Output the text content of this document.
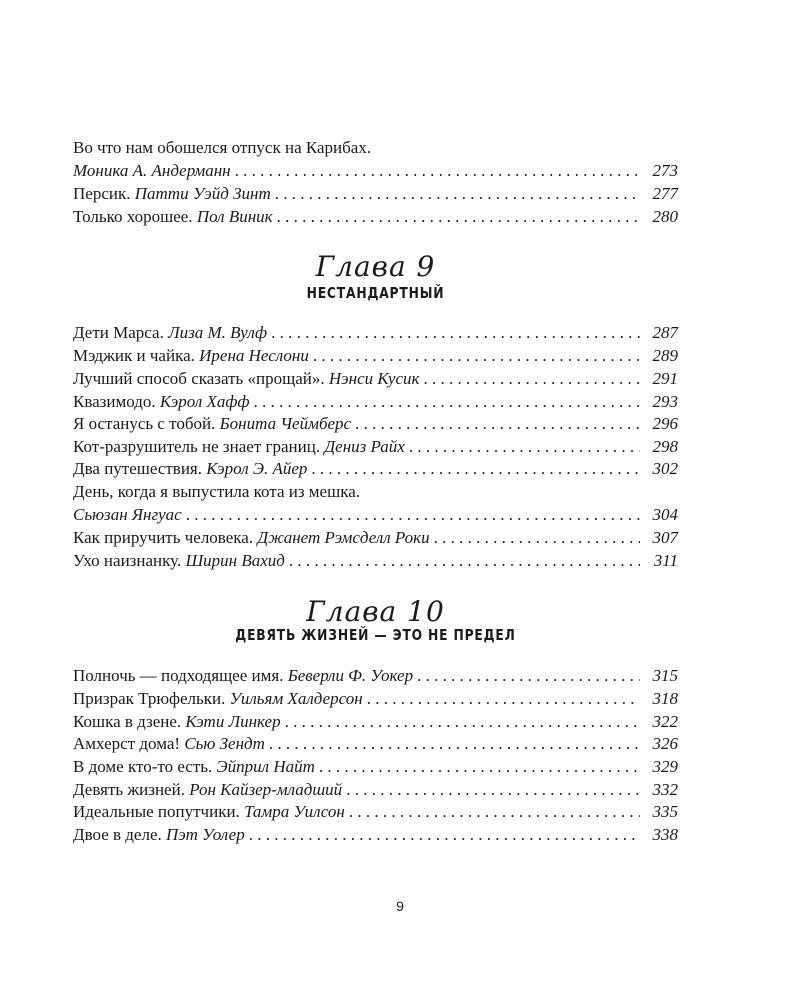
Во что нам обошелся отпуск на Карибах.
Моника А. Андерманн . . .	273
Персик. Патти Уэйд Зинт . . .	277
Только хорошее. Пол Виник . . .	280
Глава 9
НЕСТАНДАРТНЫЙ
Дети Марса. Лиза М. Вулф . . .	287
Мэджик и чайка. Ирена Неслони . . .	289
Лучший способ сказать «прощай». Нэнси Кусик . . .	291
Квазимодо. Кэрол Хафф . . .	293
Я останусь с тобой. Бонита Чеймберс . . .	296
Кот-разрушитель не знает границ. Дениз Райх . . .	298
Два путешествия. Кэрол Э. Айер . . .	302
День, когда я выпустила кота из мешка.
Сьюзан Янгуас . . .	304
Как приручить человека. Джанет Рэмсделл Роки . . .	307
Ухо наизнанку. Ширин Вахид . . .	311
Глава 10
ДЕВЯТЬ ЖИЗНЕЙ — ЭТО НЕ ПРЕДЕЛ
Полночь — подходящее имя. Беверли Ф. Уокер . . .	315
Призрак Трюфельки. Уильям Халдерсон . . .	318
Кошка в дзене. Кэти Линкер . . .	322
Амхерст дома! Сью Зендт . . .	326
В доме кто-то есть. Эйприл Найт . . .	329
Девять жизней. Рон Кайзер-младший . . .	332
Идеальные попутчики. Тамра Уилсон . . .	335
Двое в деле. Пэт Уолер . . .	338
9
